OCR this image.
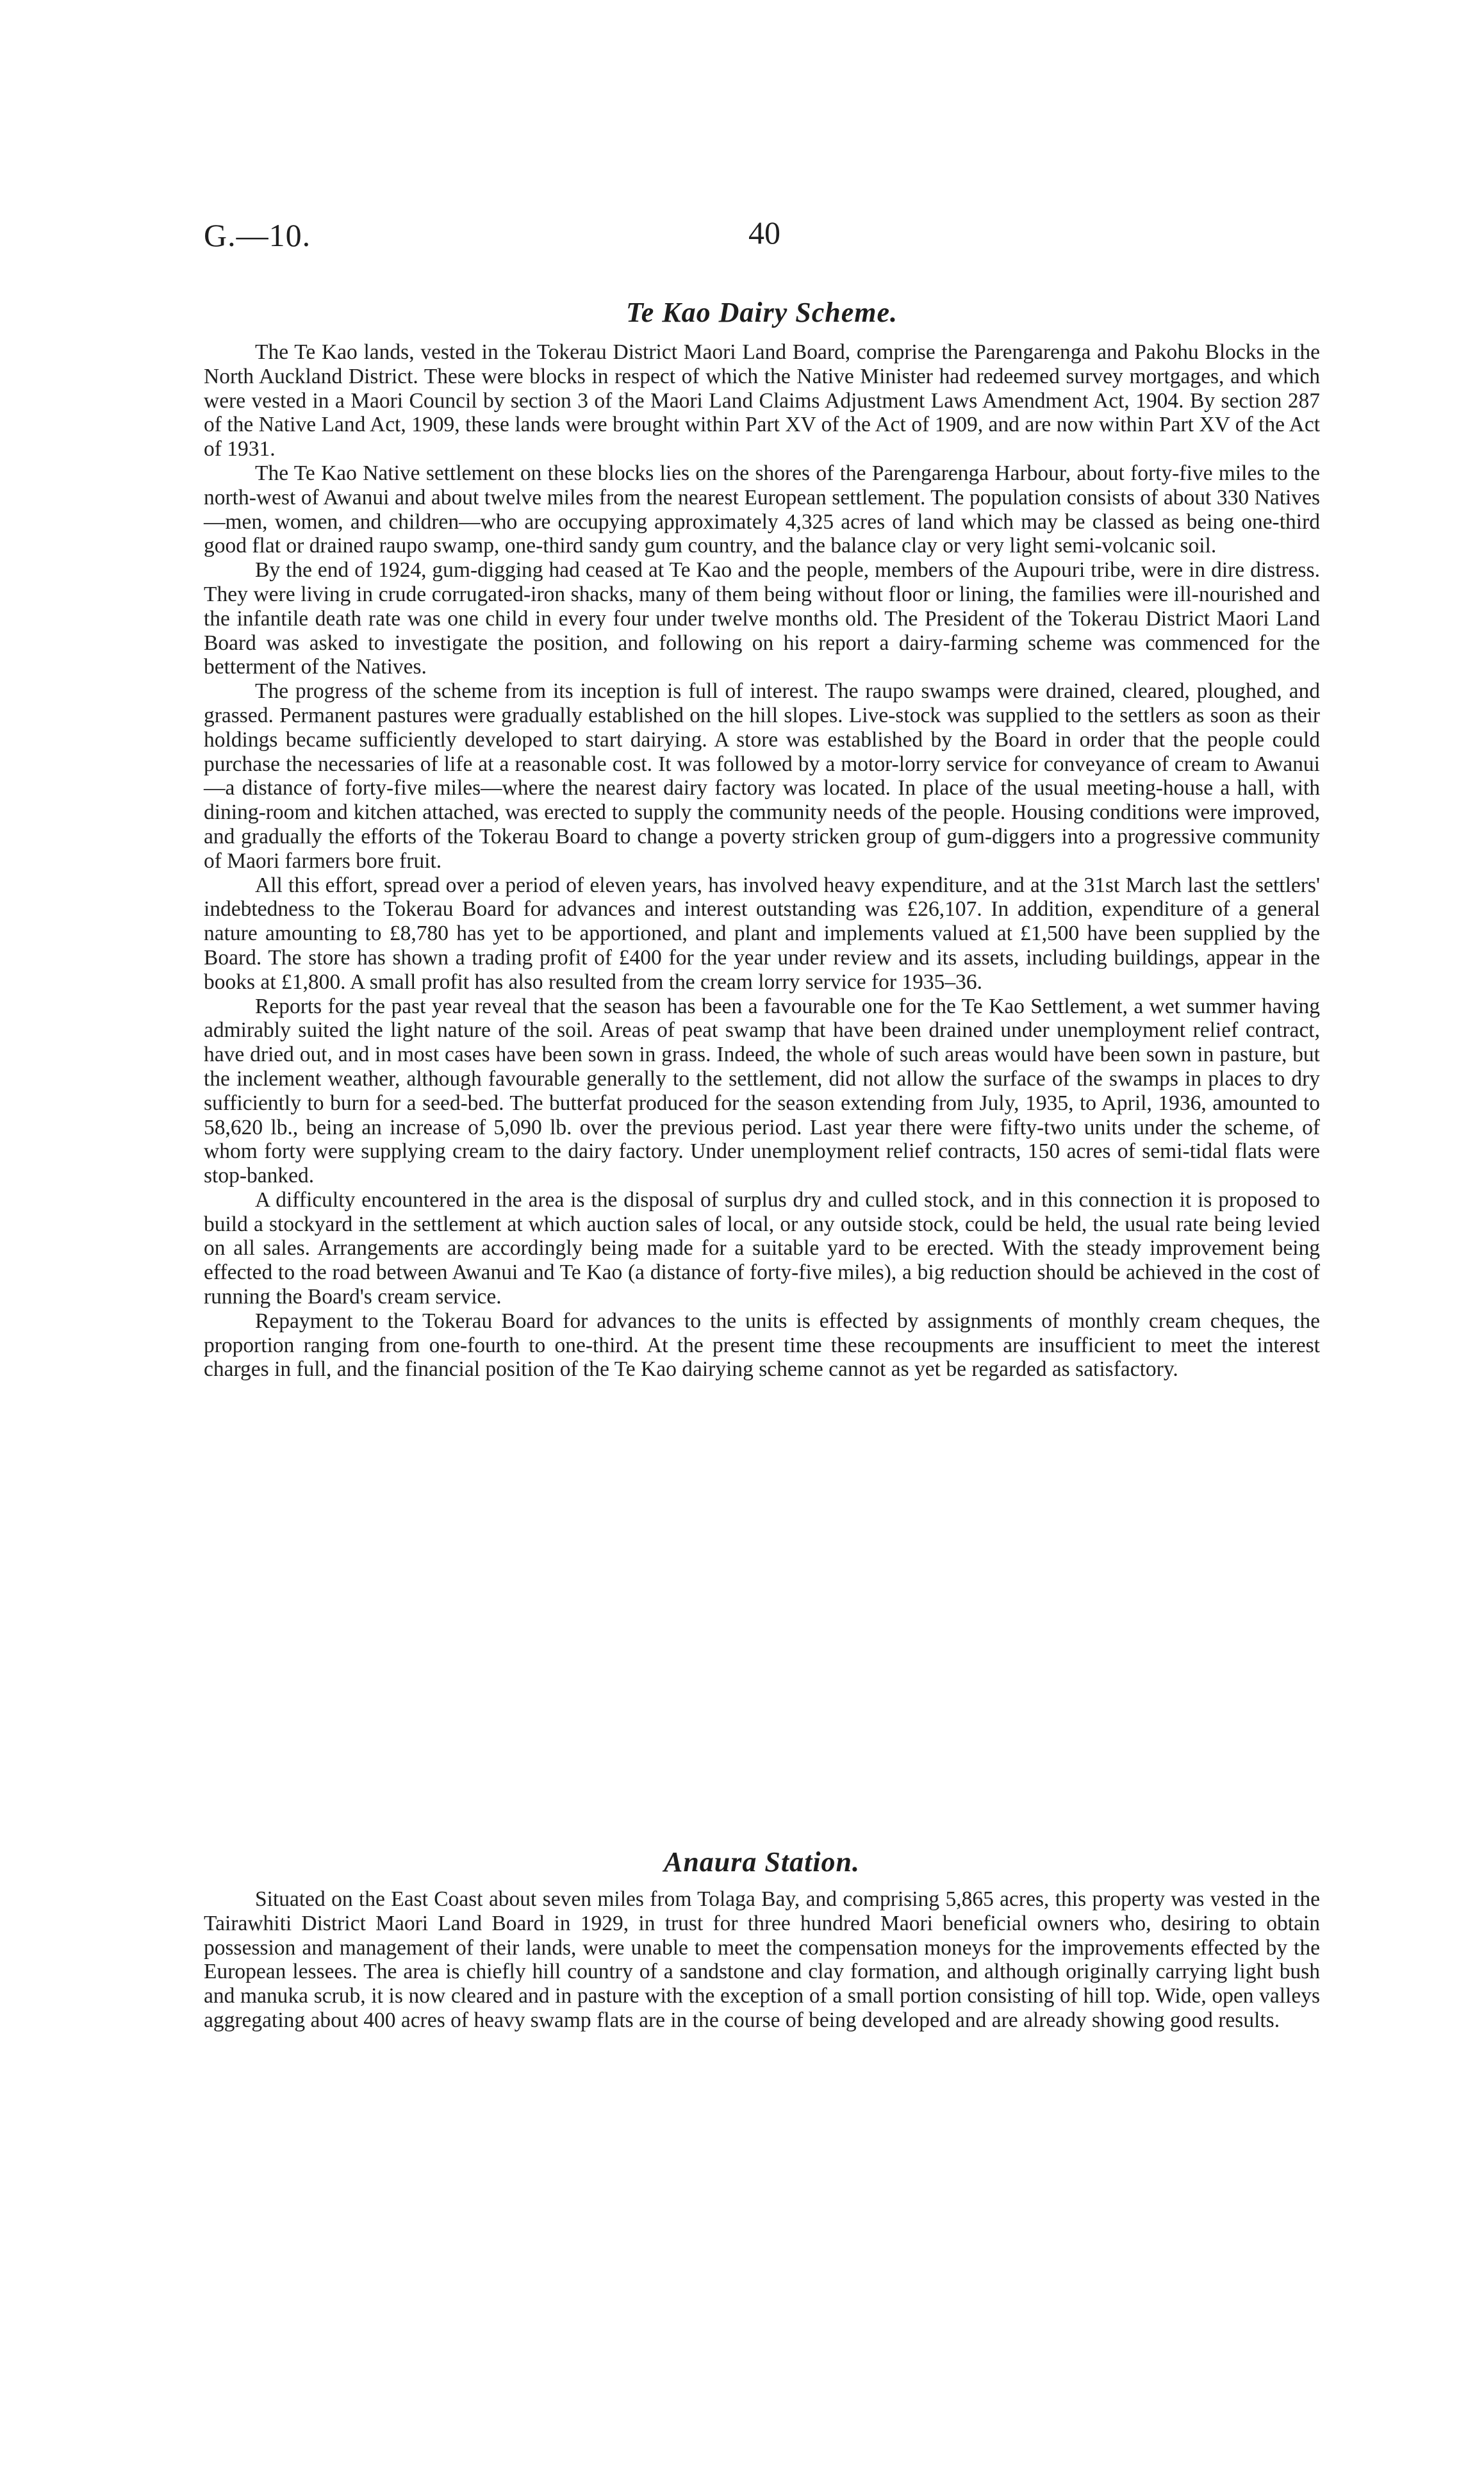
G.—10.	40
Te Kao Dairy Scheme.

The Te Kao lands, vested in the Tokerau District Maori Land Board, comprise the Parengarenga and Pakohu Blocks in the North Auckland District. These were blocks in respect of which the Native Minister had redeemed survey mortgages, and which were vested in a Maori Council by section 3 of the Maori Land Claims Adjustment Laws Amendment Act, 1904. By section 287 of the Native Land Act, 1909, these lands were brought within Part XV of the Act of 1909, and are now within Part XV of the Act of 1931.

The Te Kao Native settlement on these blocks lies on the shores of the Parengarenga Harbour, about forty-five miles to the north-west of Awanui and about twelve miles from the nearest European settlement. The population consists of about 330 Natives—men, women, and children—who are occupying approximately 4,325 acres of land which may be classed as being one-third good flat or drained raupo swamp, one-third sandy gum country, and the balance clay or very light semi-volcanic soil.

By the end of 1924, gum-digging had ceased at Te Kao and the people, members of the Aupouri tribe, were in dire distress. They were living in crude corrugated-iron shacks, many of them being without floor or lining, the families were ill-nourished and the infantile death rate was one child in every four under twelve months old. The President of the Tokerau District Maori Land Board was asked to investigate the position, and following on his report a dairy-farming scheme was commenced for the betterment of the Natives.

The progress of the scheme from its inception is full of interest. The raupo swamps were drained, cleared, ploughed, and grassed. Permanent pastures were gradually established on the hill slopes. Live-stock was supplied to the settlers as soon as their holdings became sufficiently developed to start dairying. A store was established by the Board in order that the people could purchase the necessaries of life at a reasonable cost. It was followed by a motor-lorry service for conveyance of cream to Awanui—a distance of forty-five miles—where the nearest dairy factory was located. In place of the usual meeting-house a hall, with dining-room and kitchen attached, was erected to supply the community needs of the people. Housing conditions were improved, and gradually the efforts of the Tokerau Board to change a poverty stricken group of gum-diggers into a progressive community of Maori farmers bore fruit.

All this effort, spread over a period of eleven years, has involved heavy expenditure, and at the 31st March last the settlers' indebtedness to the Tokerau Board for advances and interest outstanding was £26,107. In addition, expenditure of a general nature amounting to £8,780 has yet to be apportioned, and plant and implements valued at £1,500 have been supplied by the Board. The store has shown a trading profit of £400 for the year under review and its assets, including buildings, appear in the books at £1,800. A small profit has also resulted from the cream lorry service for 1935–36.

Reports for the past year reveal that the season has been a favourable one for the Te Kao Settlement, a wet summer having admirably suited the light nature of the soil. Areas of peat swamp that have been drained under unemployment relief contract, have dried out, and in most cases have been sown in grass. Indeed, the whole of such areas would have been sown in pasture, but the inclement weather, although favourable generally to the settlement, did not allow the surface of the swamps in places to dry sufficiently to burn for a seed-bed. The butterfat produced for the season extending from July, 1935, to April, 1936, amounted to 58,620 lb., being an increase of 5,090 lb. over the previous period. Last year there were fifty-two units under the scheme, of whom forty were supplying cream to the dairy factory. Under unemployment relief contracts, 150 acres of semi-tidal flats were stop-banked.

A difficulty encountered in the area is the disposal of surplus dry and culled stock, and in this connection it is proposed to build a stockyard in the settlement at which auction sales of local, or any outside stock, could be held, the usual rate being levied on all sales. Arrangements are accordingly being made for a suitable yard to be erected. With the steady improvement being effected to the road between Awanui and Te Kao (a distance of forty-five miles), a big reduction should be achieved in the cost of running the Board's cream service.

Repayment to the Tokerau Board for advances to the units is effected by assignments of monthly cream cheques, the proportion ranging from one-fourth to one-third. At the present time these recoupments are insufficient to meet the interest charges in full, and the financial position of the Te Kao dairying scheme cannot as yet be regarded as satisfactory.

Anaura Station.

Situated on the East Coast about seven miles from Tolaga Bay, and comprising 5,865 acres, this property was vested in the Tairawhiti District Maori Land Board in 1929, in trust for three hundred Maori beneficial owners who, desiring to obtain possession and management of their lands, were unable to meet the compensation moneys for the improvements effected by the European lessees. The area is chiefly hill country of a sandstone and clay formation, and although originally carrying light bush and manuka scrub, it is now cleared and in pasture with the exception of a small portion consisting of hill top. Wide, open valleys aggregating about 400 acres of heavy swamp flats are in the course of being developed and are already showing good results.
